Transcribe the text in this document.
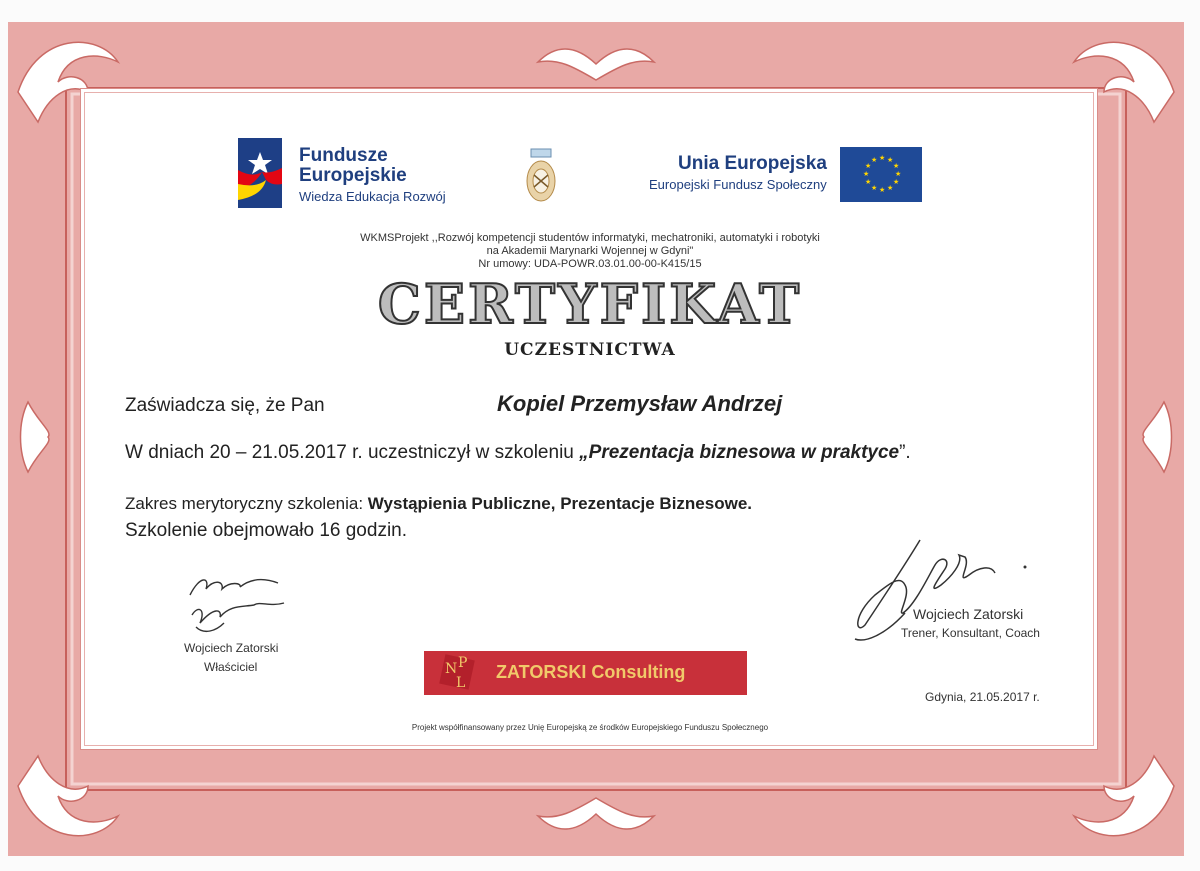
Fundusze
Europejskie
Wiedza Edukacja Rozwój
Unia Europejska
Europejski Fundusz Społeczny
★ ★
★
★
★
★
★
★
★
★
★
★
WKMSProjekt ,,Rozwój kompetencji studentów informatyki, mechatroniki, automatyki i robotyki
na Akademii Marynarki Wojennej w Gdyni"
Nr umowy: UDA-POWR.03.01.00-00-K415/15
CERTYFIKAT
UCZESTNICTWA
Zaświadcza się, że Pan	Kopiel Przemysław Andrzej
W dniach 20 – 21.05.2017 r. uczestniczył w szkoleniu „Prezentacja biznesowa w praktyce”.
Zakres merytoryczny szkolenia: Wystąpienia Publiczne, Prezentacje Biznesowe.
Szkolenie obejmowało 16 godzin.
Wojciech Zatorski
Właściciel
Wojciech Zatorski
Trener, Konsultant, Coach
N P
L
ZATORSKI Consulting
Gdynia, 21.05.2017 r.
Projekt współfinansowany przez Unię Europejską ze środków Europejskiego Funduszu Społecznego
